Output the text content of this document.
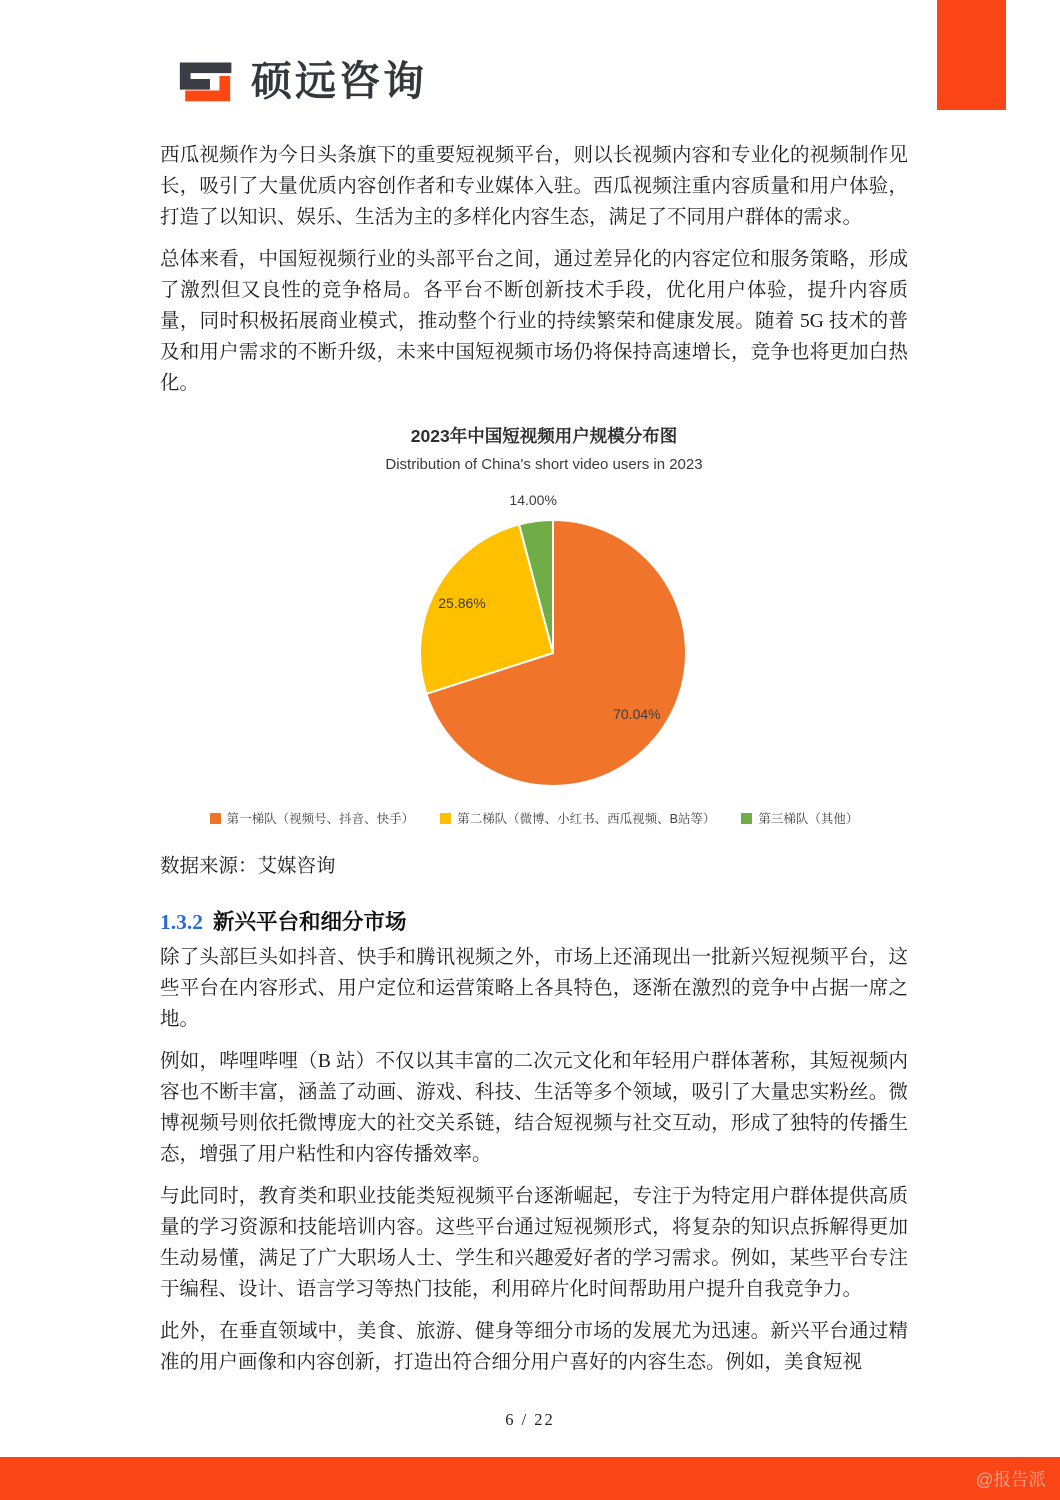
硕远咨询

西瓜视频作为今日头条旗下的重要短视频平台，则以长视频内容和专业化的视频制作见长，吸引了大量优质内容创作者和专业媒体入驻。西瓜视频注重内容质量和用户体验，打造了以知识、娱乐、生活为主的多样化内容生态，满足了不同用户群体的需求。

总体来看，中国短视频行业的头部平台之间，通过差异化的内容定位和服务策略，形成了激烈但又良性的竞争格局。各平台不断创新技术手段，优化用户体验，提升内容质量，同时积极拓展商业模式，推动整个行业的持续繁荣和健康发展。随着 5G 技术的普及和用户需求的不断升级，未来中国短视频市场仍将保持高速增长，竞争也将更加白热化。

2023年中国短视频用户规模分布图
Distribution of China's short video users in 2023
70.04%
25.86%
14.00%
第一梯队（视频号、抖音、快手）	第二梯队（微博、小红书、西瓜视频、B站等）	第三梯队（其他）

数据来源：艾媒咨询

1.3.2 新兴平台和细分市场

除了头部巨头如抖音、快手和腾讯视频之外，市场上还涌现出一批新兴短视频平台，这些平台在内容形式、用户定位和运营策略上各具特色，逐渐在激烈的竞争中占据一席之地。

例如，哔哩哔哩（B 站）不仅以其丰富的二次元文化和年轻用户群体著称，其短视频内容也不断丰富，涵盖了动画、游戏、科技、生活等多个领域，吸引了大量忠实粉丝。微博视频号则依托微博庞大的社交关系链，结合短视频与社交互动，形成了独特的传播生态，增强了用户粘性和内容传播效率。

与此同时，教育类和职业技能类短视频平台逐渐崛起，专注于为特定用户群体提供高质量的学习资源和技能培训内容。这些平台通过短视频形式，将复杂的知识点拆解得更加生动易懂，满足了广大职场人士、学生和兴趣爱好者的学习需求。例如，某些平台专注于编程、设计、语言学习等热门技能，利用碎片化时间帮助用户提升自我竞争力。

此外，在垂直领域中，美食、旅游、健身等细分市场的发展尤为迅速。新兴平台通过精准的用户画像和内容创新，打造出符合细分用户喜好的内容生态。例如，美食短视

6 / 22
@报告派
